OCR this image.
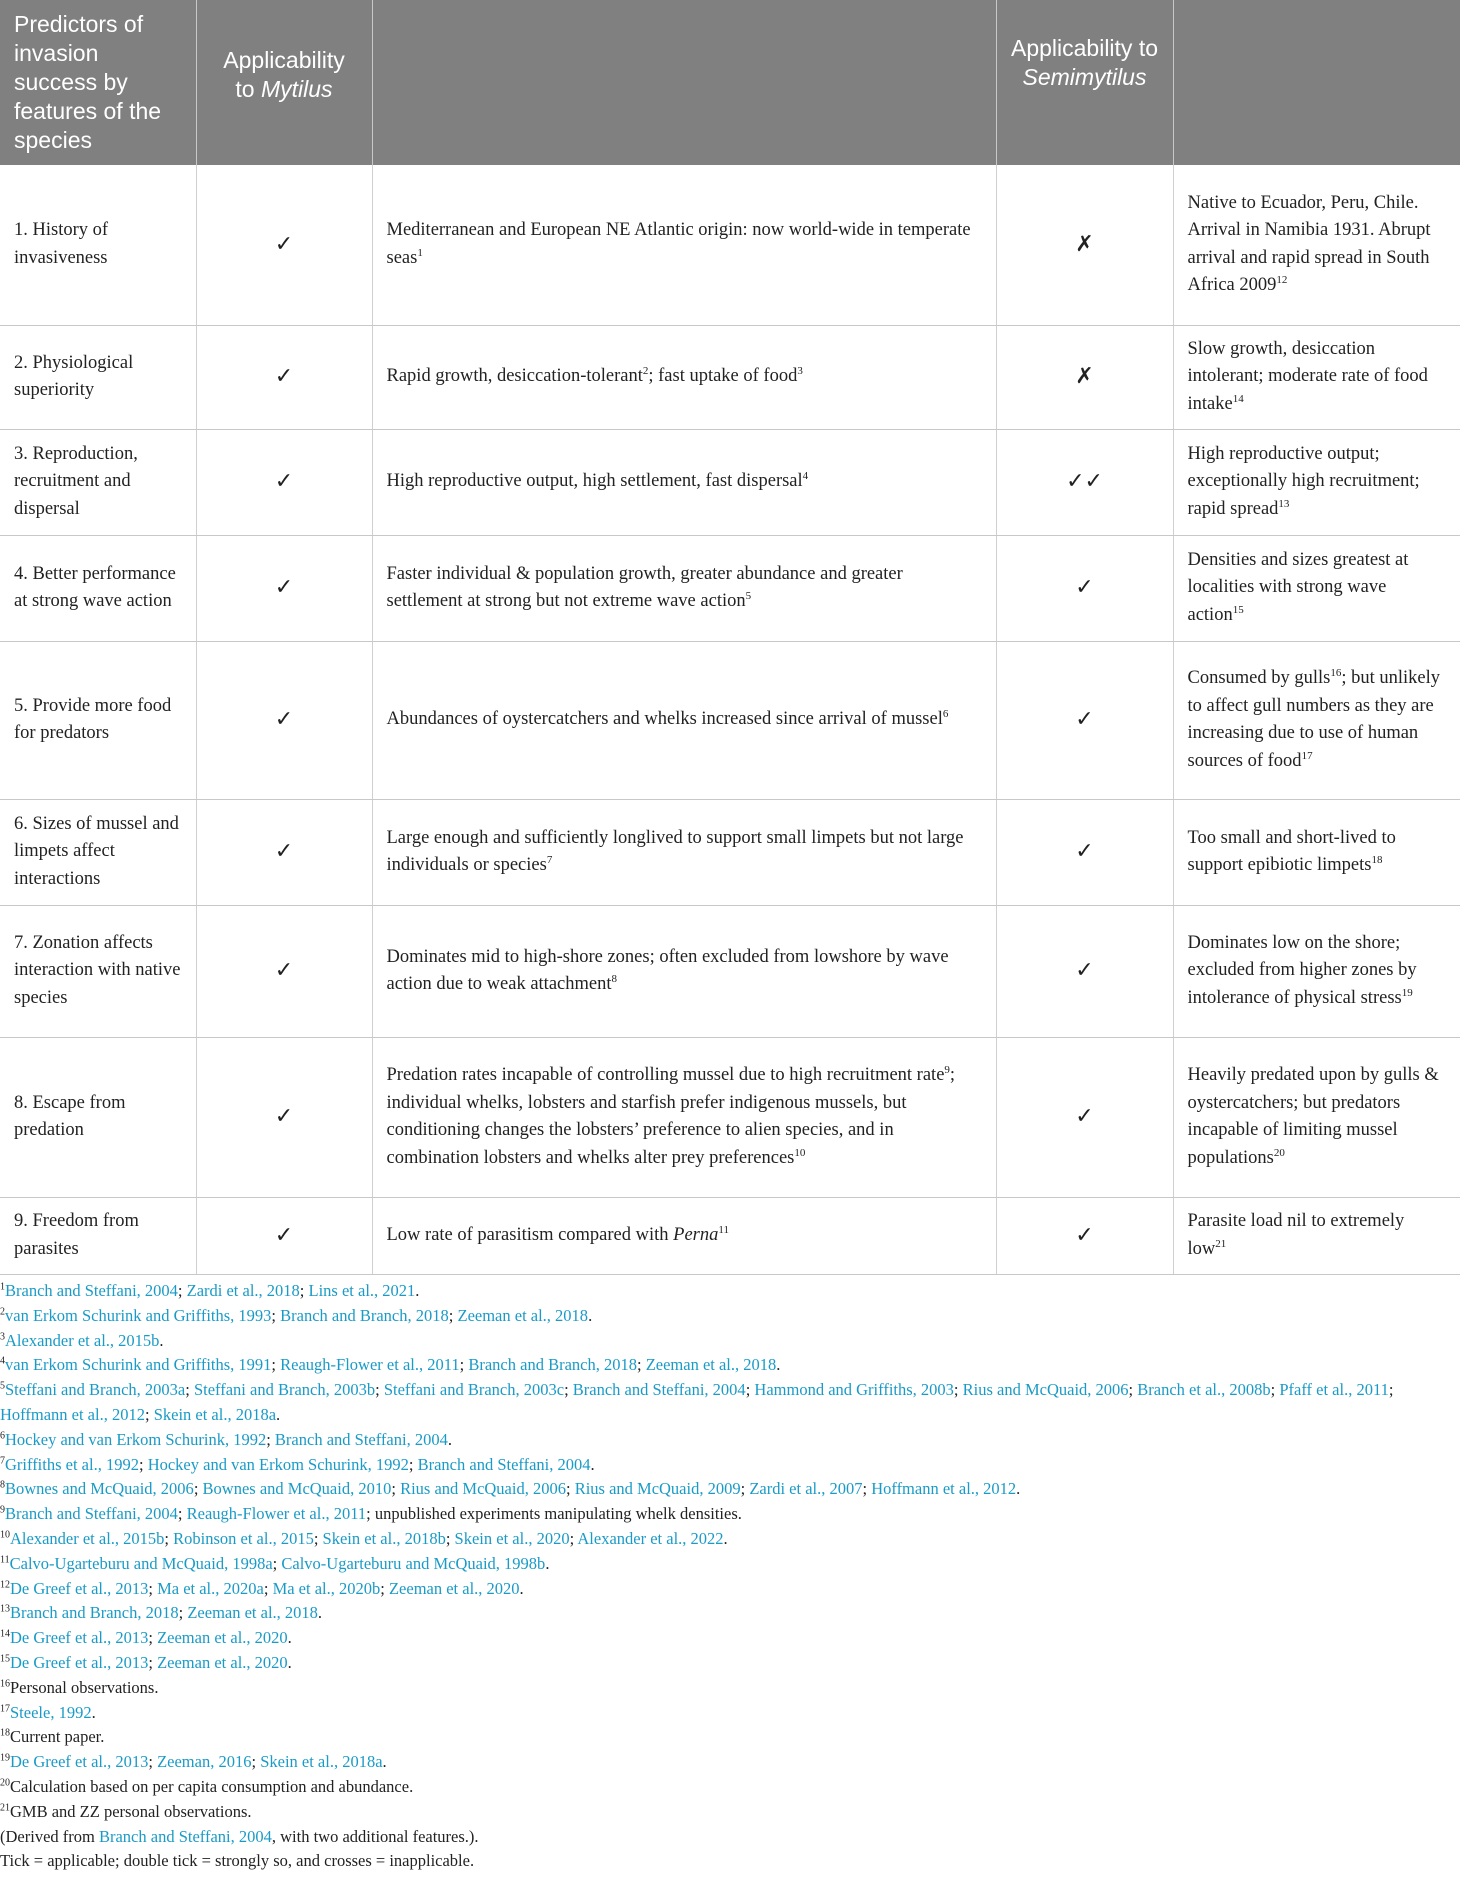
Predictors of invasion success by features of the species	Applicability to Mytilus		Applicability to Semimytilus	
1. History of invasiveness	✓	Mediterranean and European NE Atlantic origin: now world-wide in temperate seas$^1$	✗	Native to Ecuador, Peru, Chile. Arrival in Namibia 1931. Abrupt arrival and rapid spread in South Africa 2009$^{12}$
2. Physiological superiority	✓	Rapid growth, desiccation-tolerant$^2$; fast uptake of food$^3$	✗	Slow growth, desiccation intolerant; moderate rate of food intake$^{14}$
3. Reproduction, recruitment and dispersal	✓	High reproductive output, high settlement, fast dispersal$^4$	✓✓	High reproductive output; exceptionally high recruitment; rapid spread$^{13}$
4. Better performance at strong wave action	✓	Faster individual & population growth, greater abundance and greater settlement at strong but not extreme wave action$^5$	✓	Densities and sizes greatest at localities with strong wave action$^{15}$
5. Provide more food for predators	✓	Abundances of oystercatchers and whelks increased since arrival of mussel$^6$	✓	Consumed by gulls$^{16}$; but unlikely to affect gull numbers as they are increasing due to use of human sources of food$^{17}$
6. Sizes of mussel and limpets affect interactions	✓	Large enough and sufficiently longlived to support small limpets but not large individuals or species$^7$	✓	Too small and short-lived to support epibiotic limpets$^{18}$
7. Zonation affects interaction with native species	✓	Dominates mid to high-shore zones; often excluded from lowshore by wave action due to weak attachment$^8$	✓	Dominates low on the shore; excluded from higher zones by intolerance of physical stress$^{19}$
8. Escape from predation	✓	Predation rates incapable of controlling mussel due to high recruitment rate$^9$; individual whelks, lobsters and starfish prefer indigenous mussels, but conditioning changes the lobsters’ preference to alien species, and in combination lobsters and whelks alter prey preferences$^{10}$	✓	Heavily predated upon by gulls & oystercatchers; but predators incapable of limiting mussel populations$^{20}$
9. Freedom from parasites	✓	Low rate of parasitism compared with Perna$^{11}$	✓	Parasite load nil to extremely low$^{21}$
$^1$Branch and Steffani, 2004; Zardi et al., 2018; Lins et al., 2021.
$^2$van Erkom Schurink and Griffiths, 1993; Branch and Branch, 2018; Zeeman et al., 2018.
$^3$Alexander et al., 2015b.
$^4$van Erkom Schurink and Griffiths, 1991; Reaugh-Flower et al., 2011; Branch and Branch, 2018; Zeeman et al., 2018.
$^5$Steffani and Branch, 2003a; Steffani and Branch, 2003b; Steffani and Branch, 2003c; Branch and Steffani, 2004; Hammond and Griffiths, 2003; Rius and McQuaid, 2006; Branch et al., 2008b; Pfaff et al., 2011; Hoffmann et al., 2012; Skein et al., 2018a.
$^6$Hockey and van Erkom Schurink, 1992; Branch and Steffani, 2004.
$^7$Griffiths et al., 1992; Hockey and van Erkom Schurink, 1992; Branch and Steffani, 2004.
$^8$Bownes and McQuaid, 2006; Bownes and McQuaid, 2010; Rius and McQuaid, 2006; Rius and McQuaid, 2009; Zardi et al., 2007; Hoffmann et al., 2012.
$^9$Branch and Steffani, 2004; Reaugh-Flower et al., 2011; unpublished experiments manipulating whelk densities.
$^{10}$Alexander et al., 2015b; Robinson et al., 2015; Skein et al., 2018b; Skein et al., 2020; Alexander et al., 2022.
$^{11}$Calvo-Ugarteburu and McQuaid, 1998a; Calvo-Ugarteburu and McQuaid, 1998b.
$^{12}$De Greef et al., 2013; Ma et al., 2020a; Ma et al., 2020b; Zeeman et al., 2020.
$^{13}$Branch and Branch, 2018; Zeeman et al., 2018.
$^{14}$De Greef et al., 2013; Zeeman et al., 2020.
$^{15}$De Greef et al., 2013; Zeeman et al., 2020.
$^{16}$Personal observations.
$^{17}$Steele, 1992.
$^{18}$Current paper.
$^{19}$De Greef et al., 2013; Zeeman, 2016; Skein et al., 2018a.
$^{20}$Calculation based on per capita consumption and abundance.
$^{21}$GMB and ZZ personal observations.
(Derived from Branch and Steffani, 2004, with two additional features.).
Tick = applicable; double tick = strongly so, and crosses = inapplicable.
